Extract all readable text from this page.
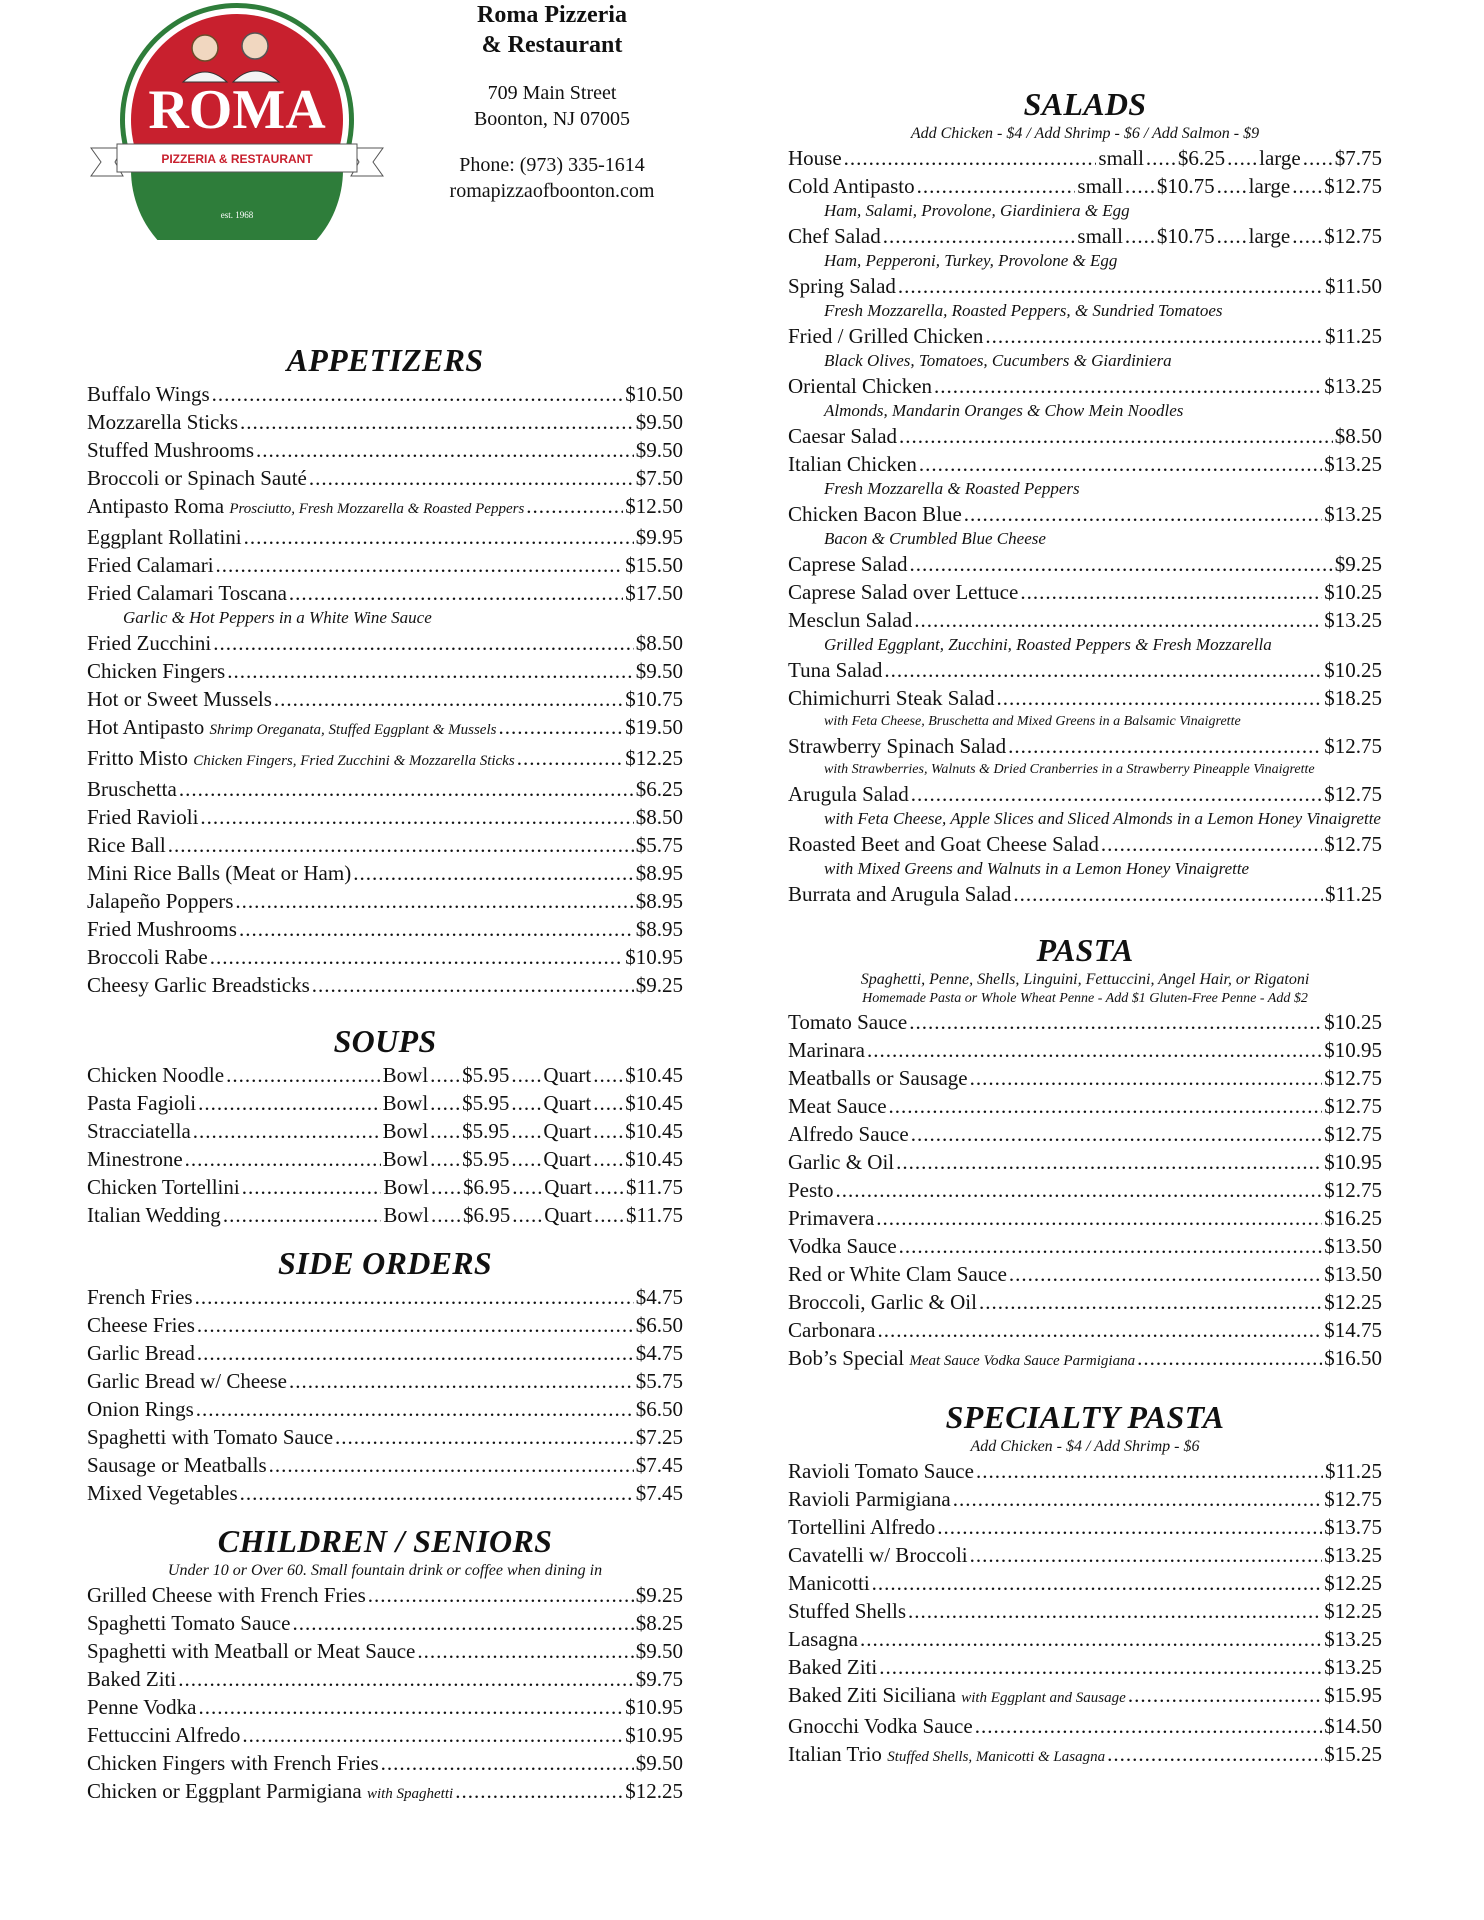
ROMA
PIZZERIA & RESTAURANT
est. 1968
Roma Pizzeria
& Restaurant
709 Main Street
Boonton, NJ 07005
Phone: (973) 335-1614
romapizzaofboonton.com
APPETIZERS
Buffalo Wings .....	$10.50
Mozzarella Sticks .....	$9.50
Stuffed Mushrooms .....	$9.50
Broccoli or Spinach Sauté .....	$7.50
Antipasto Roma Prosciutto, Fresh Mozzarella & Roasted Peppers .....	$12.50
Eggplant Rollatini .....	$9.95
Fried Calamari .....	$15.50
Fried Calamari Toscana .....	$17.50
Garlic & Hot Peppers in a White Wine Sauce
Fried Zucchini .....	$8.50
Chicken Fingers .....	$9.50
Hot or Sweet Mussels .....	$10.75
Hot Antipasto Shrimp Oreganata, Stuffed Eggplant & Mussels .....	$19.50
Fritto Misto Chicken Fingers, Fried Zucchini & Mozzarella Sticks .....	$12.25
Bruschetta .....	$6.25
Fried Ravioli .....	$8.50
Rice Ball .....	$5.75
Mini Rice Balls (Meat or Ham) .....	$8.95
Jalapeño Poppers .....	$8.95
Fried Mushrooms .....	$8.95
Broccoli Rabe .....	$10.95
Cheesy Garlic Breadsticks .....	$9.25
SOUPS
Chicken Noodle .....	Bowl ..... $5.95 ..... Quart ..... $10.45
Pasta Fagioli .....	Bowl ..... $5.95 ..... Quart ..... $10.45
Stracciatella .....	Bowl ..... $5.95 ..... Quart ..... $10.45
Minestrone .....	Bowl ..... $5.95 ..... Quart ..... $10.45
Chicken Tortellini .....	Bowl ..... $6.95 ..... Quart ..... $11.75
Italian Wedding .....	Bowl ..... $6.95 ..... Quart ..... $11.75
SIDE ORDERS
French Fries .....	$4.75
Cheese Fries .....	$6.50
Garlic Bread .....	$4.75
Garlic Bread w/ Cheese .....	$5.75
Onion Rings .....	$6.50
Spaghetti with Tomato Sauce .....	$7.25
Sausage or Meatballs .....	$7.45
Mixed Vegetables .....	$7.45
CHILDREN / SENIORS
Under 10 or Over 60. Small fountain drink or coffee when dining in
Grilled Cheese with French Fries .....	$9.25
Spaghetti Tomato Sauce .....	$8.25
Spaghetti with Meatball or Meat Sauce .....	$9.50
Baked Ziti .....	$9.75
Penne Vodka .....	$10.95
Fettuccini Alfredo .....	$10.95
Chicken Fingers with French Fries .....	$9.50
Chicken or Eggplant Parmigiana with Spaghetti .....	$12.25
SALADS
Add Chicken - $4 / Add Shrimp - $6 / Add Salmon - $9
House .....	small ..... $6.25 ..... large ..... $7.75
Cold Antipasto .....	small ..... $10.75 ..... large ..... $12.75
Ham, Salami, Provolone, Giardiniera & Egg
Chef Salad .....	small ..... $10.75 ..... large ..... $12.75
Ham, Pepperoni, Turkey, Provolone & Egg
Spring Salad .....	$11.50
Fresh Mozzarella, Roasted Peppers, & Sundried Tomatoes
Fried / Grilled Chicken .....	$11.25
Black Olives, Tomatoes, Cucumbers & Giardiniera
Oriental Chicken .....	$13.25
Almonds, Mandarin Oranges & Chow Mein Noodles
Caesar Salad .....	$8.50
Italian Chicken .....	$13.25
Fresh Mozzarella & Roasted Peppers
Chicken Bacon Blue .....	$13.25
Bacon & Crumbled Blue Cheese
Caprese Salad .....	$9.25
Caprese Salad over Lettuce .....	$10.25
Mesclun Salad .....	$13.25
Grilled Eggplant, Zucchini, Roasted Peppers & Fresh Mozzarella
Tuna Salad .....	$10.25
Chimichurri Steak Salad .....	$18.25
with Feta Cheese, Bruschetta and Mixed Greens in a Balsamic Vinaigrette
Strawberry Spinach Salad .....	$12.75
with Strawberries, Walnuts & Dried Cranberries in a Strawberry Pineapple Vinaigrette
Arugula Salad .....	$12.75
with Feta Cheese, Apple Slices and Sliced Almonds in a Lemon Honey Vinaigrette
Roasted Beet and Goat Cheese Salad .....	$12.75
with Mixed Greens and Walnuts in a Lemon Honey Vinaigrette
Burrata and Arugula Salad .....	$11.25
PASTA
Spaghetti, Penne, Shells, Linguini, Fettuccini, Angel Hair, or Rigatoni
Homemade Pasta or Whole Wheat Penne - Add $1 Gluten-Free Penne - Add $2
Tomato Sauce .....	$10.25
Marinara .....	$10.95
Meatballs or Sausage .....	$12.75
Meat Sauce .....	$12.75
Alfredo Sauce .....	$12.75
Garlic & Oil .....	$10.95
Pesto .....	$12.75
Primavera .....	$16.25
Vodka Sauce .....	$13.50
Red or White Clam Sauce .....	$13.50
Broccoli, Garlic & Oil .....	$12.25
Carbonara .....	$14.75
Bob’s Special Meat Sauce Vodka Sauce Parmigiana .....	$16.50
SPECIALTY PASTA
Add Chicken - $4 / Add Shrimp - $6
Ravioli Tomato Sauce .....	$11.25
Ravioli Parmigiana .....	$12.75
Tortellini Alfredo .....	$13.75
Cavatelli w/ Broccoli .....	$13.25
Manicotti .....	$12.25
Stuffed Shells .....	$12.25
Lasagna .....	$13.25
Baked Ziti .....	$13.25
Baked Ziti Siciliana with Eggplant and Sausage .....	$15.95
Gnocchi Vodka Sauce .....	$14.50
Italian Trio Stuffed Shells, Manicotti & Lasagna .....	$15.25
